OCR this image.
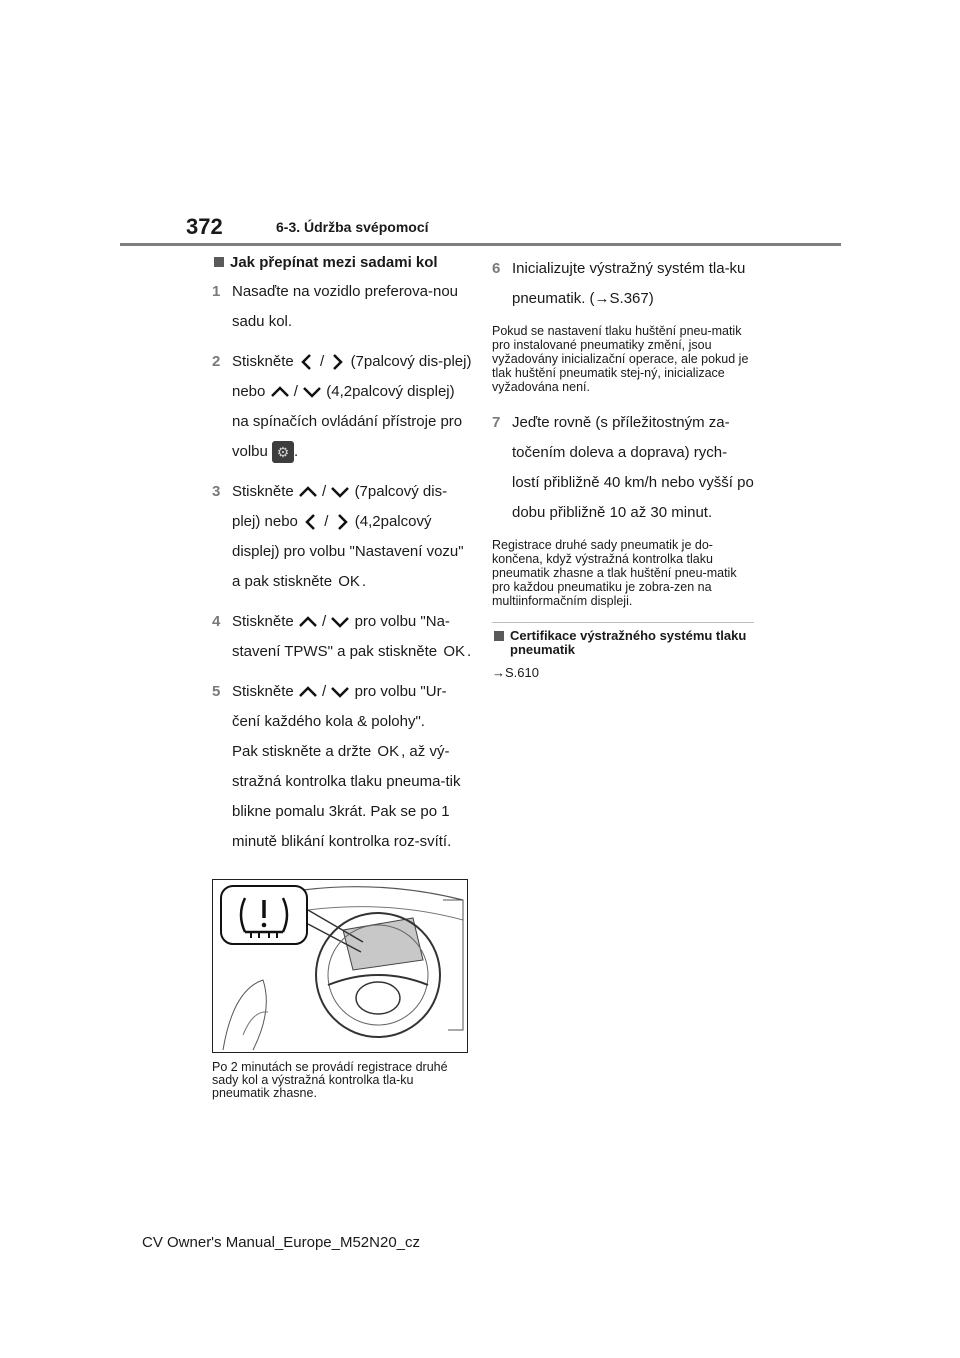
372	6-3. Údržba svépomocí
Jak přepínat mezi sadami kol
1 Nasaďte na vozidlo preferova-nou sadu kol.
2 Stiskněte / (7palcový dis-plej) nebo / (4,2palcový displej) na spínačích ovládání přístroje pro volbu ⚙ .
3 Stiskněte / (7palcový dis-plej) nebo / (4,2palcový displej) pro volbu "Nastavení vozu" a pak stiskněte OK .
4 Stiskněte / pro volbu "Na-stavení TPWS" a pak stiskněte OK .
5 Stiskněte / pro volbu "Ur-čení každého kola & polohy".
Pak stiskněte a držte OK , až vý-stražná kontrolka tlaku pneuma-tik blikne pomalu 3krát. Pak se po 1 minutě blikání kontrolka roz-svítí.
Po 2 minutách se provádí registrace druhé sady kol a výstražná kontrolka tla-ku pneumatik zhasne.
6 Inicializujte výstražný systém tla-ku pneumatik. (→S.367)
Pokud se nastavení tlaku huštění pneu-matik pro instalované pneumatiky změní, jsou vyžadovány inicializační operace, ale pokud je tlak huštění pneumatik stej-ný, inicializace vyžadována není.
7 Jeďte rovně (s příležitostným za-točením doleva a doprava) rych-lostí přibližně 40 km/h nebo vyšší po dobu přibližně 10 až 30 minut.
Registrace druhé sady pneumatik je do-končena, když výstražná kontrolka tlaku pneumatik zhasne a tlak huštění pneu-matik pro každou pneumatiku je zobra-zen na multiinformačním displeji.
Certifikace výstražného systému tlaku pneumatik
→S.610
CV Owner's Manual_Europe_M52N20_cz
